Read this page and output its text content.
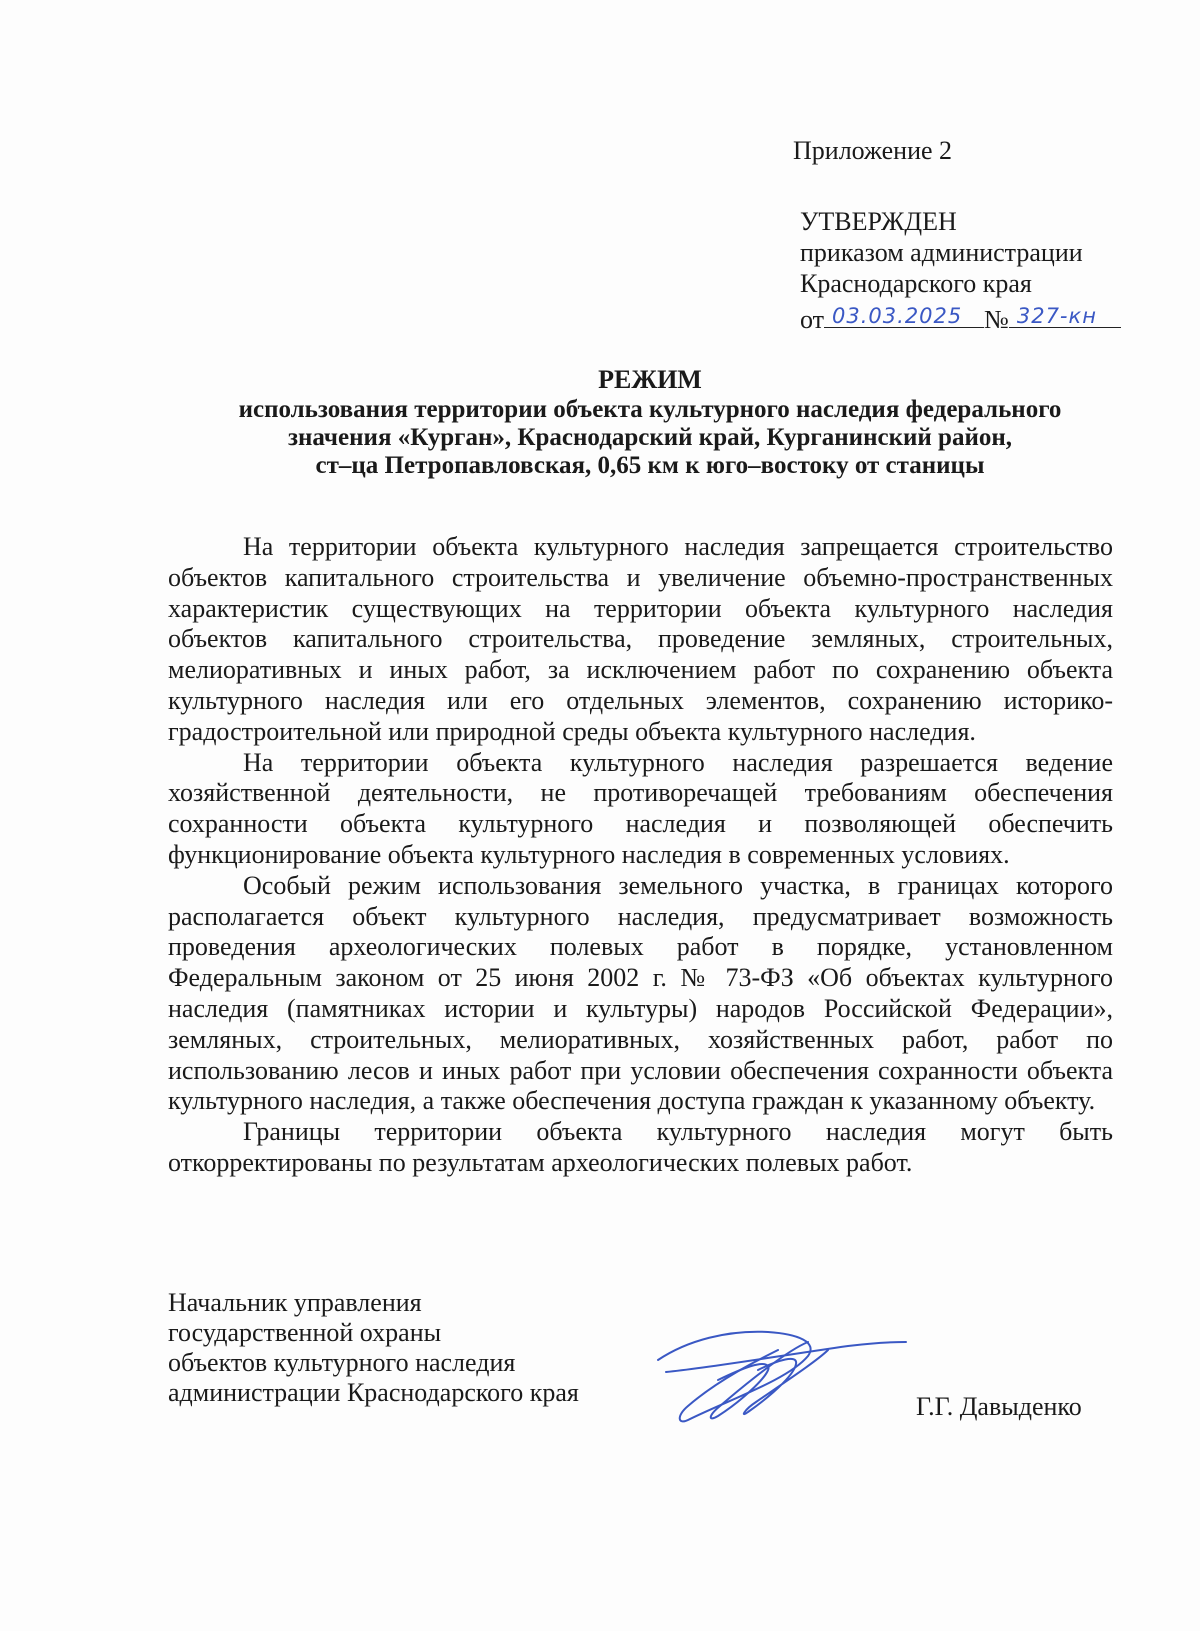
Приложение 2
УТВЕРЖДЕН
приказом администрации
Краснодарского края
от 03.03.2025 № 327-кн
РЕЖИМ
использования территории объекта культурного наследия федерального
значения «Курган», Краснодарский край, Курганинский район,
ст–ца Петропавловская, 0,65 км к юго–востоку от станицы

На территории объекта культурного наследия запрещается строительство объектов капитального строительства и увеличение объемно-пространственных характеристик существующих на территории объекта культурного наследия объектов капитального строительства, проведение земляных, строительных, мелиоративных и иных работ, за исключением работ по сохранению объекта культурного наследия или его отдельных элементов, сохранению историко-градостроительной или природной среды объекта культурного наследия.

На территории объекта культурного наследия разрешается ведение хозяйственной деятельности, не противоречащей требованиям обеспечения сохранности объекта культурного наследия и позволяющей обеспечить функционирование объекта культурного наследия в современных условиях.

Особый режим использования земельного участка, в границах которого располагается объект культурного наследия, предусматривает возможность проведения археологических полевых работ в порядке, установленном Федеральным законом от 25 июня 2002 г. № 73-ФЗ «Об объектах культурного наследия (памятниках истории и культуры) народов Российской Федерации», земляных, строительных, мелиоративных, хозяйственных работ, работ по использованию лесов и иных работ при условии обеспечения сохранности объекта культурного наследия, а также обеспечения доступа граждан к указанному объекту.

Границы территории объекта культурного наследия могут быть откорректированы по результатам археологических полевых работ.

Начальник управления
государственной охраны
объектов культурного наследия
администрации Краснодарского края	Г.Г. Давыденко
